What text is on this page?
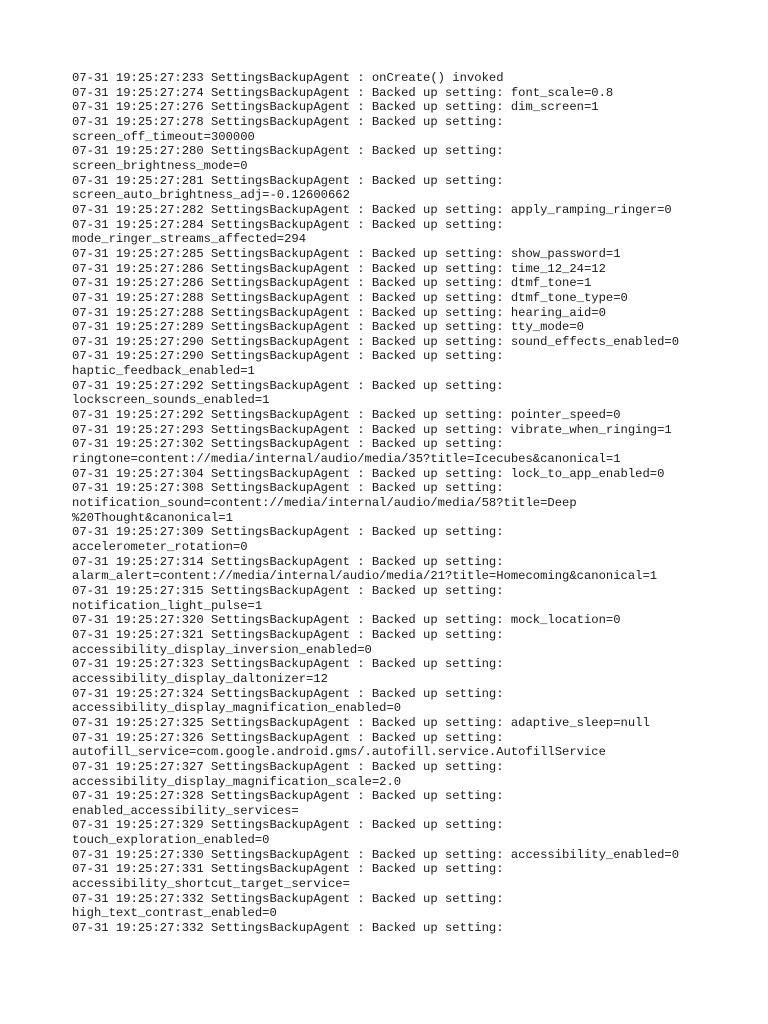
07-31 19:25:27:233 SettingsBackupAgent : onCreate() invoked
07-31 19:25:27:274 SettingsBackupAgent : Backed up setting: font_scale=0.8
07-31 19:25:27:276 SettingsBackupAgent : Backed up setting: dim_screen=1
07-31 19:25:27:278 SettingsBackupAgent : Backed up setting:
screen_off_timeout=300000
07-31 19:25:27:280 SettingsBackupAgent : Backed up setting:
screen_brightness_mode=0
07-31 19:25:27:281 SettingsBackupAgent : Backed up setting:
screen_auto_brightness_adj=-0.12600662
07-31 19:25:27:282 SettingsBackupAgent : Backed up setting: apply_ramping_ringer=0
07-31 19:25:27:284 SettingsBackupAgent : Backed up setting:
mode_ringer_streams_affected=294
07-31 19:25:27:285 SettingsBackupAgent : Backed up setting: show_password=1
07-31 19:25:27:286 SettingsBackupAgent : Backed up setting: time_12_24=12
07-31 19:25:27:286 SettingsBackupAgent : Backed up setting: dtmf_tone=1
07-31 19:25:27:288 SettingsBackupAgent : Backed up setting: dtmf_tone_type=0
07-31 19:25:27:288 SettingsBackupAgent : Backed up setting: hearing_aid=0
07-31 19:25:27:289 SettingsBackupAgent : Backed up setting: tty_mode=0
07-31 19:25:27:290 SettingsBackupAgent : Backed up setting: sound_effects_enabled=0
07-31 19:25:27:290 SettingsBackupAgent : Backed up setting:
haptic_feedback_enabled=1
07-31 19:25:27:292 SettingsBackupAgent : Backed up setting:
lockscreen_sounds_enabled=1
07-31 19:25:27:292 SettingsBackupAgent : Backed up setting: pointer_speed=0
07-31 19:25:27:293 SettingsBackupAgent : Backed up setting: vibrate_when_ringing=1
07-31 19:25:27:302 SettingsBackupAgent : Backed up setting:
ringtone=content://media/internal/audio/media/35?title=Icecubes&canonical=1
07-31 19:25:27:304 SettingsBackupAgent : Backed up setting: lock_to_app_enabled=0
07-31 19:25:27:308 SettingsBackupAgent : Backed up setting:
notification_sound=content://media/internal/audio/media/58?title=Deep
%20Thought&canonical=1
07-31 19:25:27:309 SettingsBackupAgent : Backed up setting:
accelerometer_rotation=0
07-31 19:25:27:314 SettingsBackupAgent : Backed up setting:
alarm_alert=content://media/internal/audio/media/21?title=Homecoming&canonical=1
07-31 19:25:27:315 SettingsBackupAgent : Backed up setting:
notification_light_pulse=1
07-31 19:25:27:320 SettingsBackupAgent : Backed up setting: mock_location=0
07-31 19:25:27:321 SettingsBackupAgent : Backed up setting:
accessibility_display_inversion_enabled=0
07-31 19:25:27:323 SettingsBackupAgent : Backed up setting:
accessibility_display_daltonizer=12
07-31 19:25:27:324 SettingsBackupAgent : Backed up setting:
accessibility_display_magnification_enabled=0
07-31 19:25:27:325 SettingsBackupAgent : Backed up setting: adaptive_sleep=null
07-31 19:25:27:326 SettingsBackupAgent : Backed up setting:
autofill_service=com.google.android.gms/.autofill.service.AutofillService
07-31 19:25:27:327 SettingsBackupAgent : Backed up setting:
accessibility_display_magnification_scale=2.0
07-31 19:25:27:328 SettingsBackupAgent : Backed up setting:
enabled_accessibility_services=
07-31 19:25:27:329 SettingsBackupAgent : Backed up setting:
touch_exploration_enabled=0
07-31 19:25:27:330 SettingsBackupAgent : Backed up setting: accessibility_enabled=0
07-31 19:25:27:331 SettingsBackupAgent : Backed up setting:
accessibility_shortcut_target_service=
07-31 19:25:27:332 SettingsBackupAgent : Backed up setting:
high_text_contrast_enabled=0
07-31 19:25:27:332 SettingsBackupAgent : Backed up setting:
